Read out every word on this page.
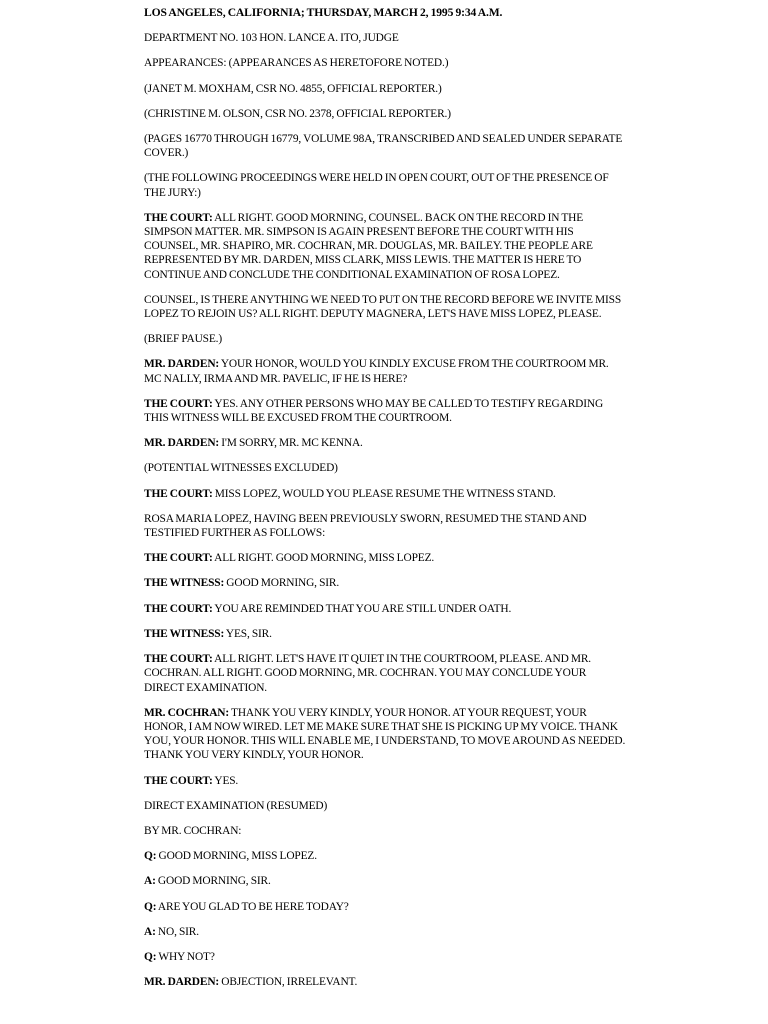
LOS ANGELES, CALIFORNIA; THURSDAY, MARCH 2, 1995 9:34 A.M.

DEPARTMENT NO. 103 HON. LANCE A. ITO, JUDGE

APPEARANCES: (APPEARANCES AS HERETOFORE NOTED.)

(JANET M. MOXHAM, CSR NO. 4855, OFFICIAL REPORTER.)

(CHRISTINE M. OLSON, CSR NO. 2378, OFFICIAL REPORTER.)

(PAGES 16770 THROUGH 16779, VOLUME 98A, TRANSCRIBED AND SEALED UNDER SEPARATE COVER.)

(THE FOLLOWING PROCEEDINGS WERE HELD IN OPEN COURT, OUT OF THE PRESENCE OF THE JURY:)

THE COURT: ALL RIGHT. GOOD MORNING, COUNSEL. BACK ON THE RECORD IN THE SIMPSON MATTER. MR. SIMPSON IS AGAIN PRESENT BEFORE THE COURT WITH HIS COUNSEL, MR. SHAPIRO, MR. COCHRAN, MR. DOUGLAS, MR. BAILEY. THE PEOPLE ARE REPRESENTED BY MR. DARDEN, MISS CLARK, MISS LEWIS. THE MATTER IS HERE TO CONTINUE AND CONCLUDE THE CONDITIONAL EXAMINATION OF ROSA LOPEZ.

COUNSEL, IS THERE ANYTHING WE NEED TO PUT ON THE RECORD BEFORE WE INVITE MISS LOPEZ TO REJOIN US? ALL RIGHT. DEPUTY MAGNERA, LET'S HAVE MISS LOPEZ, PLEASE.

(BRIEF PAUSE.)

MR. DARDEN: YOUR HONOR, WOULD YOU KINDLY EXCUSE FROM THE COURTROOM MR. MC NALLY, IRMA AND MR. PAVELIC, IF HE IS HERE?

THE COURT: YES. ANY OTHER PERSONS WHO MAY BE CALLED TO TESTIFY REGARDING THIS WITNESS WILL BE EXCUSED FROM THE COURTROOM.

MR. DARDEN: I'M SORRY, MR. MC KENNA.

(POTENTIAL WITNESSES EXCLUDED)

THE COURT: MISS LOPEZ, WOULD YOU PLEASE RESUME THE WITNESS STAND.

ROSA MARIA LOPEZ, HAVING BEEN PREVIOUSLY SWORN, RESUMED THE STAND AND TESTIFIED FURTHER AS FOLLOWS:

THE COURT: ALL RIGHT. GOOD MORNING, MISS LOPEZ.

THE WITNESS: GOOD MORNING, SIR.

THE COURT: YOU ARE REMINDED THAT YOU ARE STILL UNDER OATH.

THE WITNESS: YES, SIR.

THE COURT: ALL RIGHT. LET'S HAVE IT QUIET IN THE COURTROOM, PLEASE. AND MR. COCHRAN. ALL RIGHT. GOOD MORNING, MR. COCHRAN. YOU MAY CONCLUDE YOUR DIRECT EXAMINATION.

MR. COCHRAN: THANK YOU VERY KINDLY, YOUR HONOR. AT YOUR REQUEST, YOUR HONOR, I AM NOW WIRED. LET ME MAKE SURE THAT SHE IS PICKING UP MY VOICE. THANK YOU, YOUR HONOR. THIS WILL ENABLE ME, I UNDERSTAND, TO MOVE AROUND AS NEEDED. THANK YOU VERY KINDLY, YOUR HONOR.

THE COURT: YES.

DIRECT EXAMINATION (RESUMED)

BY MR. COCHRAN:

Q: GOOD MORNING, MISS LOPEZ.

A: GOOD MORNING, SIR.

Q: ARE YOU GLAD TO BE HERE TODAY?

A: NO, SIR.

Q: WHY NOT?

MR. DARDEN: OBJECTION, IRRELEVANT.
